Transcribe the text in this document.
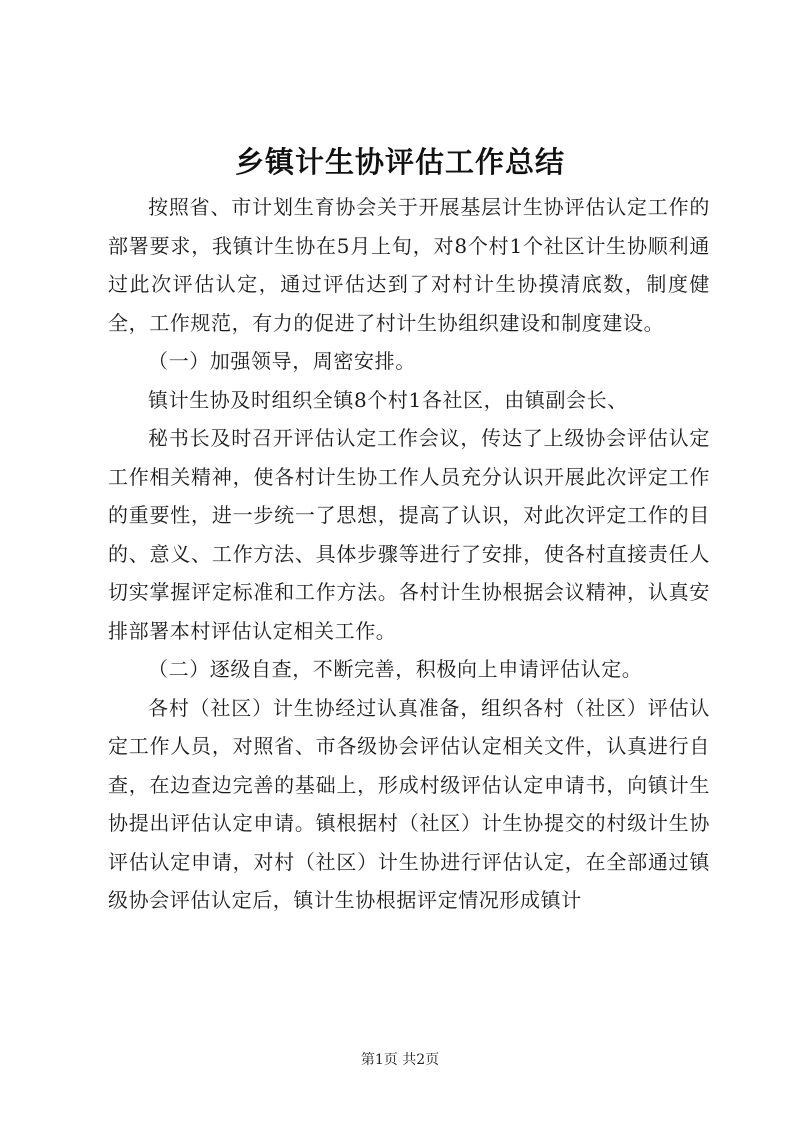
乡镇计生协评估工作总结

按照省、市计划生育协会关于开展基层计生协评估认定工作的部署要求，我镇计生协在5月上旬，对8个村1个社区计生协顺利通过此次评估认定，通过评估达到了对村计生协摸清底数，制度健全，工作规范，有力的促进了村计生协组织建设和制度建设。

（一）加强领导，周密安排。

镇计生协及时组织全镇8个村1各社区，由镇副会长、

秘书长及时召开评估认定工作会议，传达了上级协会评估认定工作相关精神，使各村计生协工作人员充分认识开展此次评定工作的重要性，进一步统一了思想，提高了认识，对此次评定工作的目的、意义、工作方法、具体步骤等进行了安排，使各村直接责任人切实掌握评定标准和工作方法。各村计生协根据会议精神，认真安排部署本村评估认定相关工作。

（二）逐级自查，不断完善，积极向上申请评估认定。

各村（社区）计生协经过认真准备，组织各村（社区）评估认定工作人员，对照省、市各级协会评估认定相关文件，认真进行自查，在边查边完善的基础上，形成村级评估认定申请书，向镇计生协提出评估认定申请。镇根据村（社区）计生协提交的村级计生协评估认定申请，对村（社区）计生协进行评估认定，在全部通过镇级协会评估认定后，镇计生协根据评定情况形成镇计

第1页 共2页
